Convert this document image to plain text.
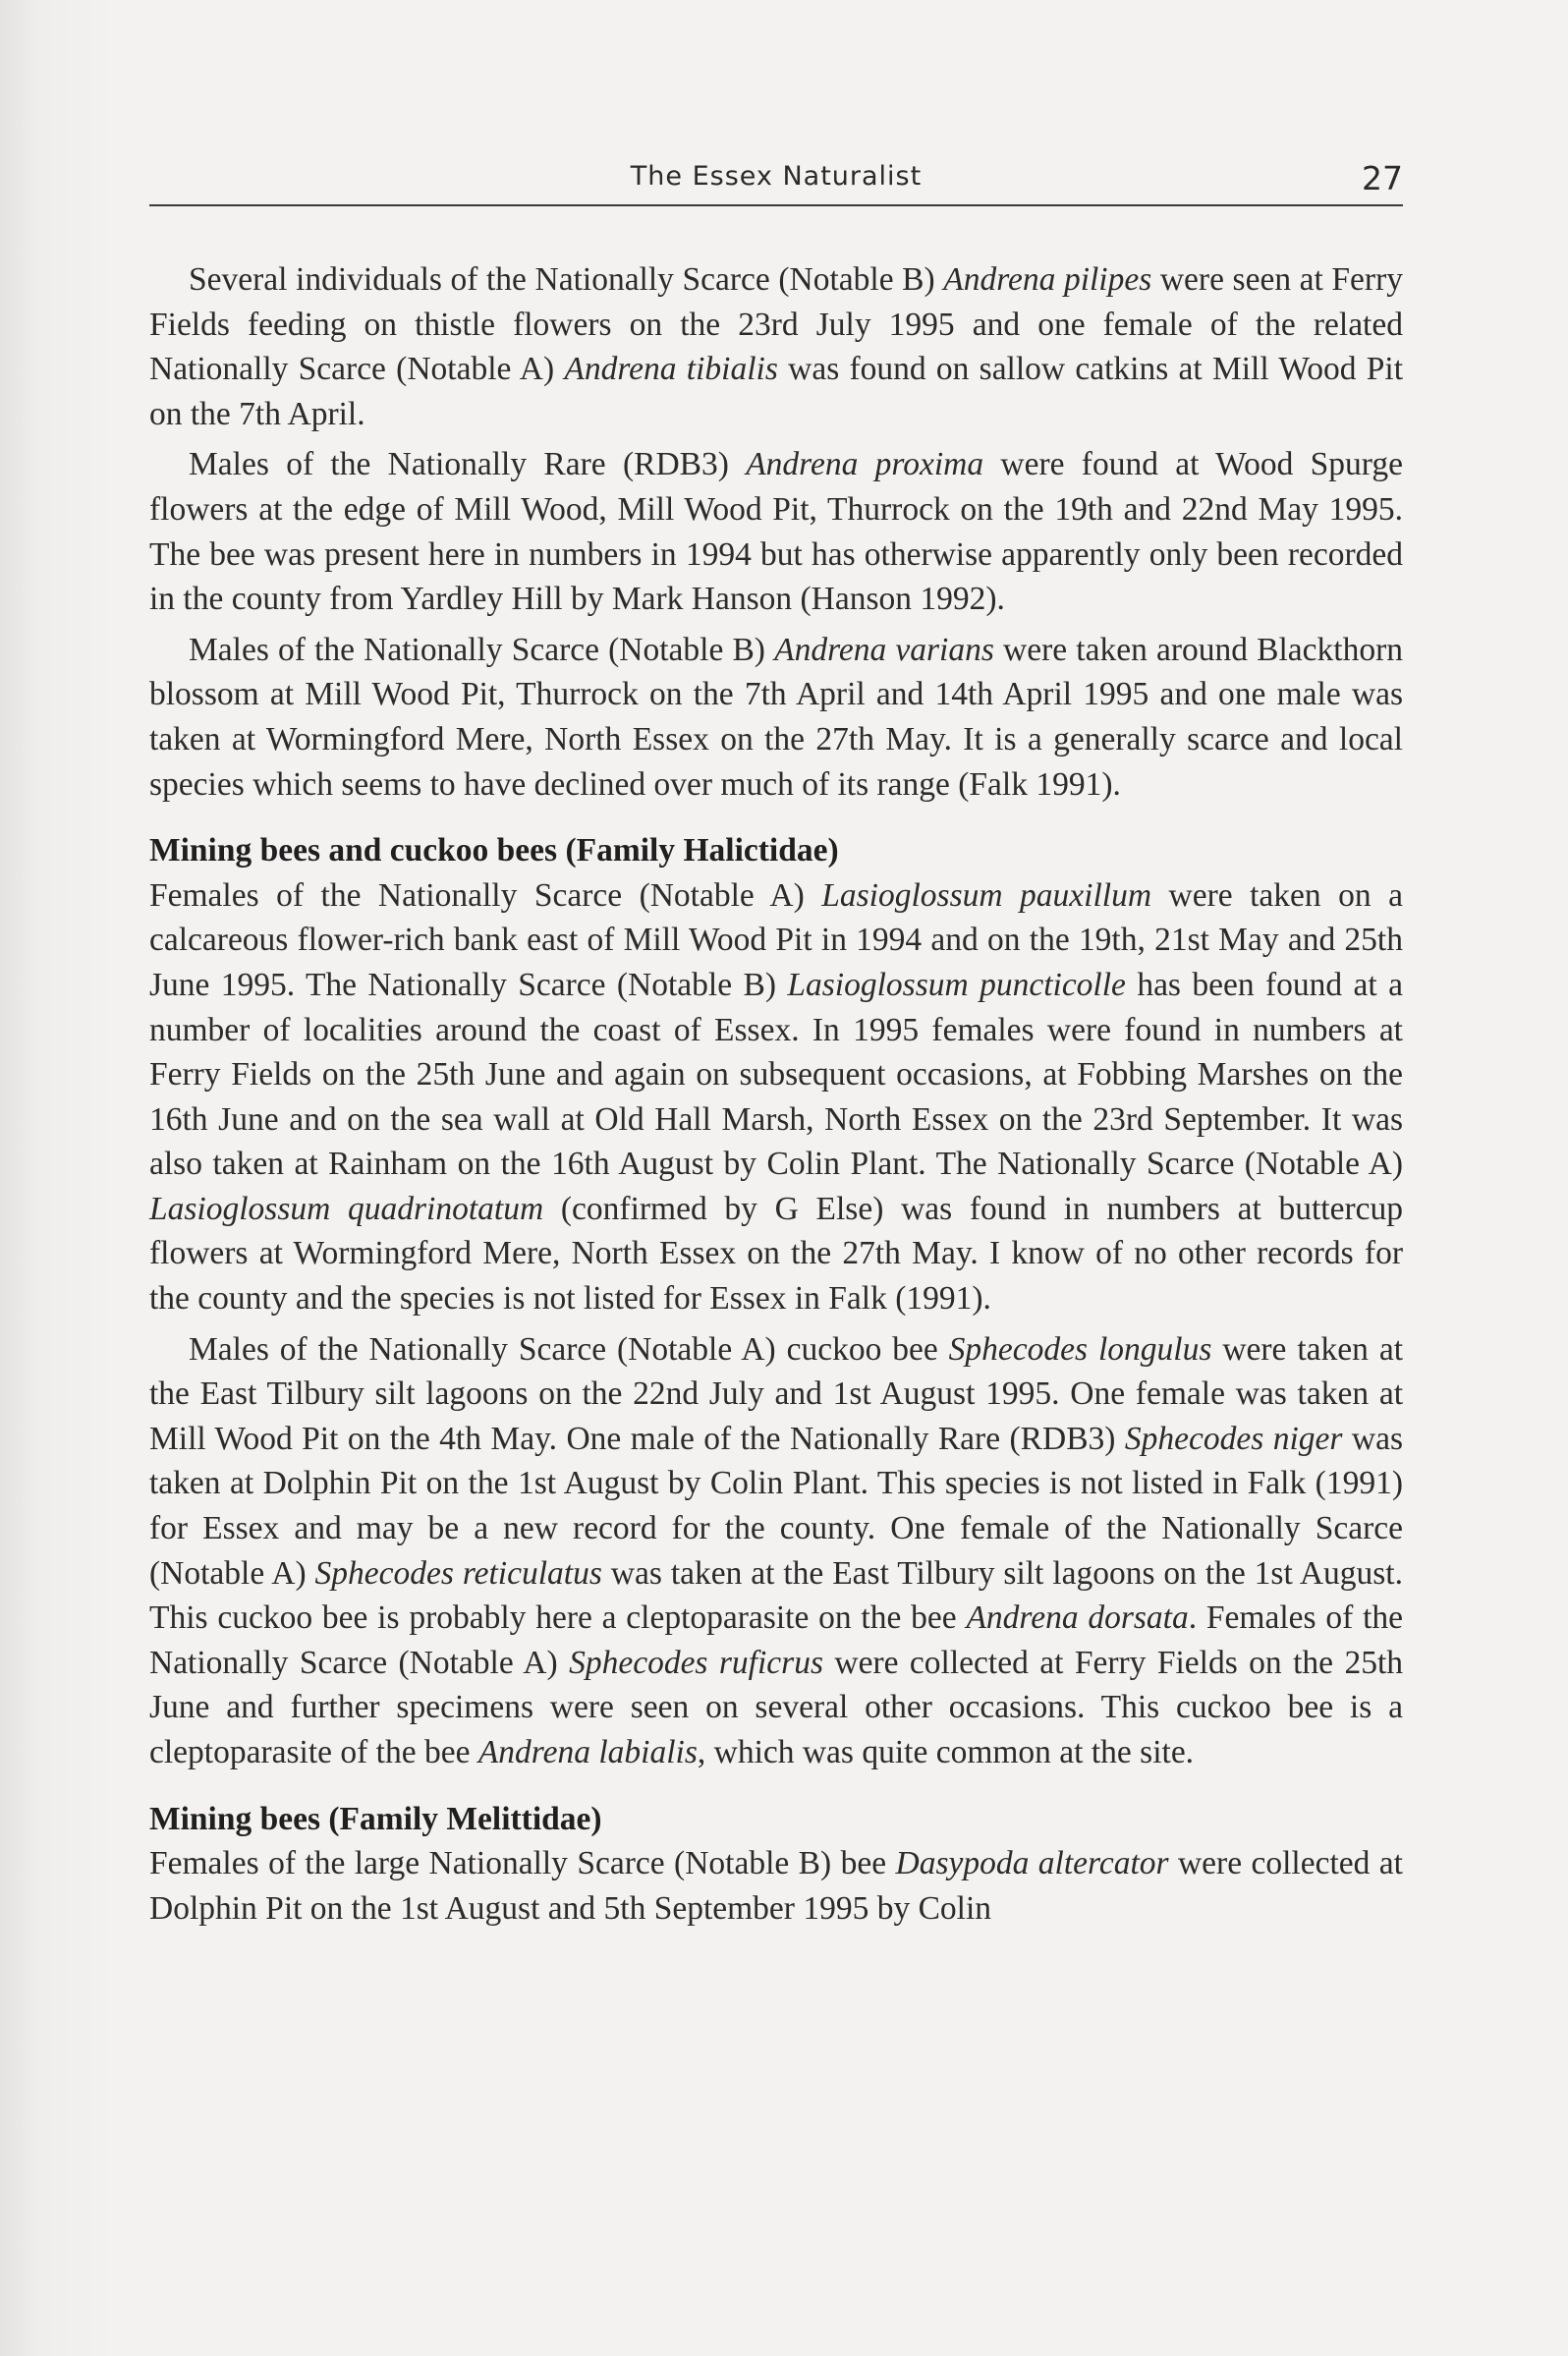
The Essex Naturalist	27

Several individuals of the Nationally Scarce (Notable B) Andrena pilipes were seen at Ferry Fields feeding on thistle flowers on the 23rd July 1995 and one female of the related Nationally Scarce (Notable A) Andrena tibialis was found on sallow catkins at Mill Wood Pit on the 7th April.

Males of the Nationally Rare (RDB3) Andrena proxima were found at Wood Spurge flowers at the edge of Mill Wood, Mill Wood Pit, Thurrock on the 19th and 22nd May 1995. The bee was present here in numbers in 1994 but has otherwise apparently only been recorded in the county from Yardley Hill by Mark Hanson (Hanson 1992).

Males of the Nationally Scarce (Notable B) Andrena varians were taken around Blackthorn blossom at Mill Wood Pit, Thurrock on the 7th April and 14th April 1995 and one male was taken at Wormingford Mere, North Essex on the 27th May. It is a generally scarce and local species which seems to have declined over much of its range (Falk 1991).

Mining bees and cuckoo bees (Family Halictidae)

Females of the Nationally Scarce (Notable A) Lasioglossum pauxillum were taken on a calcareous flower-rich bank east of Mill Wood Pit in 1994 and on the 19th, 21st May and 25th June 1995. The Nationally Scarce (Notable B) Lasioglossum puncticolle has been found at a number of localities around the coast of Essex. In 1995 females were found in numbers at Ferry Fields on the 25th June and again on subsequent occasions, at Fobbing Marshes on the 16th June and on the sea wall at Old Hall Marsh, North Essex on the 23rd September. It was also taken at Rainham on the 16th August by Colin Plant. The Nationally Scarce (Notable A) Lasioglossum quadrinotatum (confirmed by G Else) was found in numbers at buttercup flowers at Wormingford Mere, North Essex on the 27th May. I know of no other records for the county and the species is not listed for Essex in Falk (1991).

Males of the Nationally Scarce (Notable A) cuckoo bee Sphecodes longulus were taken at the East Tilbury silt lagoons on the 22nd July and 1st August 1995. One female was taken at Mill Wood Pit on the 4th May. One male of the Nationally Rare (RDB3) Sphecodes niger was taken at Dolphin Pit on the 1st August by Colin Plant. This species is not listed in Falk (1991) for Essex and may be a new record for the county. One female of the Nationally Scarce (Notable A) Sphecodes reticulatus was taken at the East Tilbury silt lagoons on the 1st August. This cuckoo bee is probably here a cleptoparasite on the bee Andrena dorsata. Females of the Nationally Scarce (Notable A) Sphecodes ruficrus were collected at Ferry Fields on the 25th June and further specimens were seen on several other occasions. This cuckoo bee is a cleptoparasite of the bee Andrena labialis, which was quite common at the site.

Mining bees (Family Melittidae)

Females of the large Nationally Scarce (Notable B) bee Dasypoda altercator were collected at Dolphin Pit on the 1st August and 5th September 1995 by Colin
